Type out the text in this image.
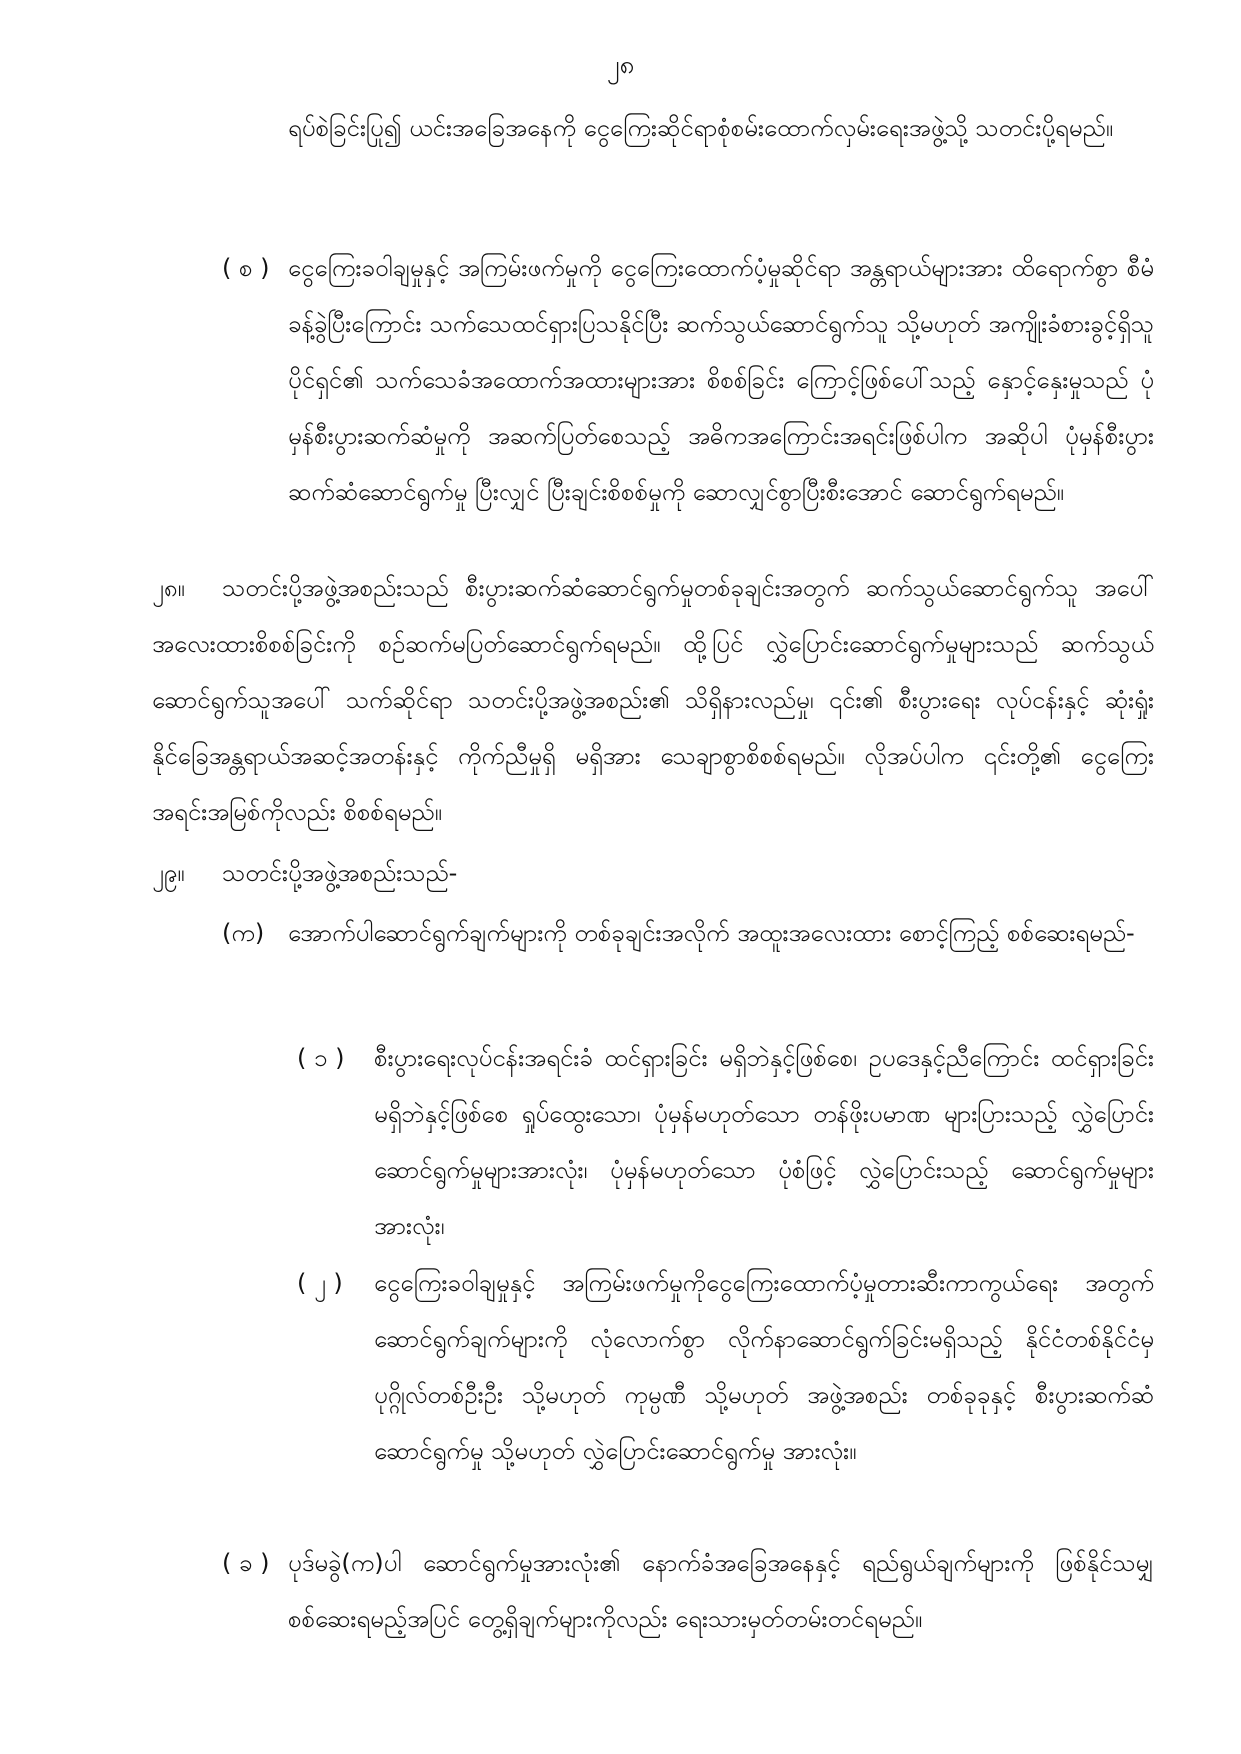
၂၈
ရပ်စဲခြင်းပြု၍ ယင်းအခြေအနေကို ငွေကြေးဆိုင်ရာစုံစမ်းထောက်လှမ်းရေးအဖွဲ့သို့ သတင်းပို့ရမည်။
( စ ) ငွေကြေးခဝါချမှုနှင့် အကြမ်းဖက်မှုကို ငွေကြေးထောက်ပံ့မှုဆိုင်ရာ အန္တရာယ်များအား ထိရောက်စွာ စီမံခန့်ခွဲပြီးကြောင်း သက်သေထင်ရှားပြသနိုင်ပြီး ဆက်သွယ်ဆောင်ရွက်သူ သို့မဟုတ် အကျိုးခံစားခွင့်ရှိသူပိုင်ရှင်၏ သက်သေခံအထောက်အထားများအား စိစစ်ခြင်း ကြောင့်ဖြစ်ပေါ်သည့် နှောင့်နှေးမှုသည် ပုံမှန်စီးပွားဆက်ဆံမှုကို အဆက်ပြတ်စေသည့် အဓိကအကြောင်းအရင်းဖြစ်ပါက အဆိုပါ ပုံမှန်စီးပွားဆက်ဆံဆောင်ရွက်မှု ပြီးလျှင် ပြီးချင်းစိစစ်မှုကို ဆောလျှင်စွာပြီးစီးအောင် ဆောင်ရွက်ရမည်။
၂၈။	သတင်းပို့အဖွဲ့အစည်းသည် စီးပွားဆက်ဆံဆောင်ရွက်မှုတစ်ခုချင်းအတွက် ဆက်သွယ်ဆောင်ရွက်သူ အပေါ် အလေးထားစိစစ်ခြင်းကို စဉ်ဆက်မပြတ်ဆောင်ရွက်ရမည်။ ထို့ပြင် လွှဲပြောင်းဆောင်ရွက်မှုများသည် ဆက်သွယ်ဆောင်ရွက်သူအပေါ် သက်ဆိုင်ရာ သတင်းပို့အဖွဲ့အစည်း၏ သိရှိနားလည်မှု၊ ၎င်း၏ စီးပွားရေး လုပ်ငန်းနှင့် ဆုံးရှုံးနိုင်ခြေအန္တရာယ်အဆင့်အတန်းနှင့် ကိုက်ညီမှုရှိ မရှိအား သေချာစွာစိစစ်ရမည်။ လိုအပ်ပါက ၎င်းတို့၏ ငွေကြေးအရင်းအမြစ်ကိုလည်း စိစစ်ရမည်။
၂၉။ သတင်းပို့အဖွဲ့အစည်းသည်-
(က) အောက်ပါဆောင်ရွက်ချက်များကို တစ်ခုချင်းအလိုက် အထူးအလေးထား စောင့်ကြည့် စစ်ဆေးရမည်-
( ၁ ) စီးပွားရေးလုပ်ငန်းအရင်းခံ ထင်ရှားခြင်း မရှိဘဲနှင့်ဖြစ်စေ၊ ဥပဒေနှင့်ညီကြောင်း ထင်ရှားခြင်း မရှိဘဲနှင့်ဖြစ်စေ ရှုပ်ထွေးသော၊ ပုံမှန်မဟုတ်သော တန်ဖိုးပမာဏ များပြားသည့် လွှဲပြောင်းဆောင်ရွက်မှုများအားလုံး၊ ပုံမှန်မဟုတ်သော ပုံစံဖြင့် လွှဲပြောင်းသည့် ဆောင်ရွက်မှုများ အားလုံး၊
( ၂ ) ငွေကြေးခဝါချမှုနှင့် အကြမ်းဖက်မှုကိုငွေကြေးထောက်ပံ့မှုတားဆီးကာကွယ်ရေး အတွက် ဆောင်ရွက်ချက်များကို လုံလောက်စွာ လိုက်နာဆောင်ရွက်ခြင်းမရှိသည့် နိုင်ငံတစ်နိုင်ငံမှ ပုဂ္ဂိုလ်တစ်ဦးဦး သို့မဟုတ် ကုမ္ပဏီ သို့မဟုတ် အဖွဲ့အစည်း တစ်ခုခုနှင့် စီးပွားဆက်ဆံဆောင်ရွက်မှု သို့မဟုတ် လွှဲပြောင်းဆောင်ရွက်မှု အားလုံး။
( ခ ) ပုဒ်မခွဲ(က)ပါ ဆောင်ရွက်မှုအားလုံး၏ နောက်ခံအခြေအနေနှင့် ရည်ရွယ်ချက်များကို ဖြစ်နိုင်သမျှ စစ်ဆေးရမည့်အပြင် တွေ့ရှိချက်များကိုလည်း ရေးသားမှတ်တမ်းတင်ရမည်။
